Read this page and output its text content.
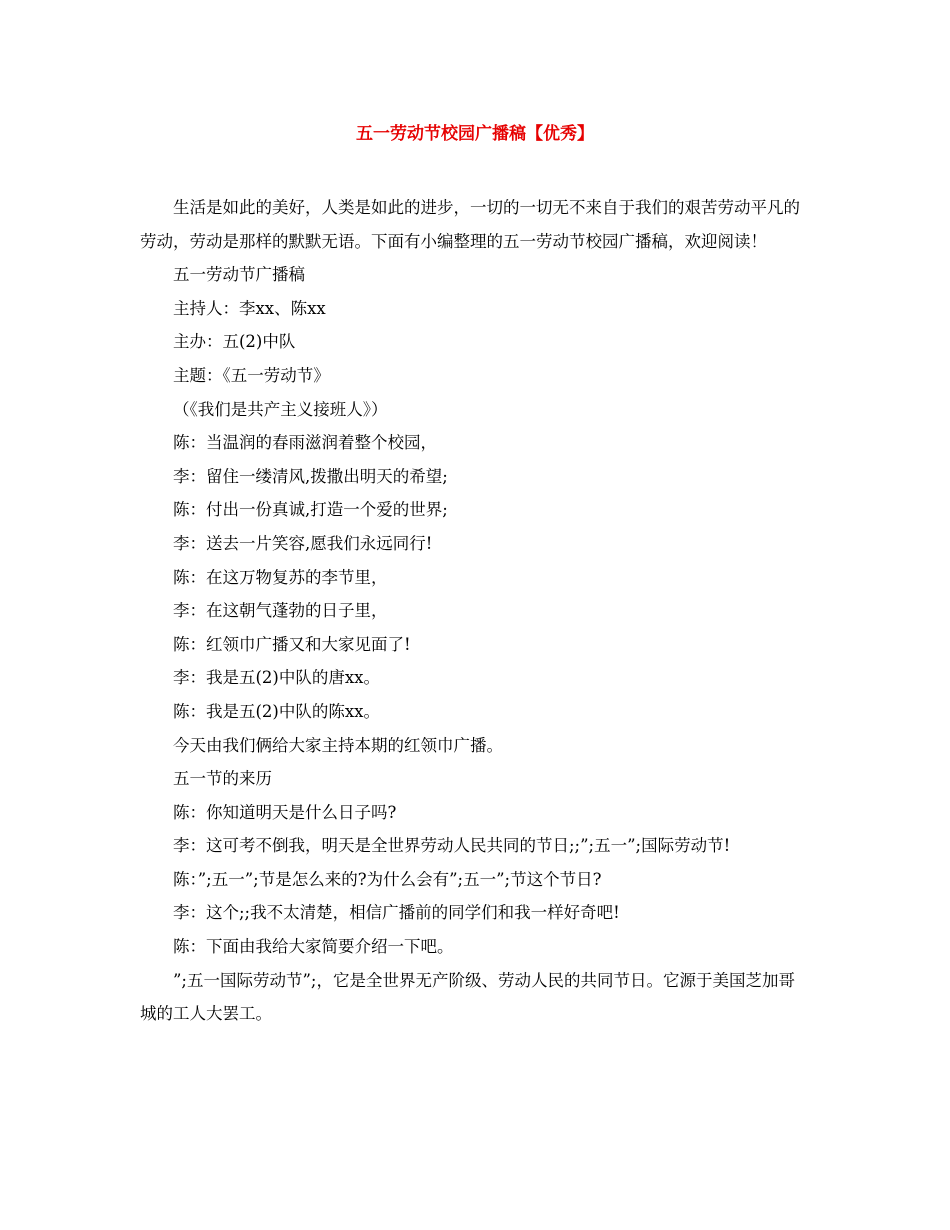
五一劳动节校园广播稿【优秀】

生活是如此的美好，人类是如此的进步，一切的一切无不来自于我们的艰苦劳动平凡的劳动，劳动是那样的默默无语。下面有小编整理的五一劳动节校园广播稿，欢迎阅读！

五一劳动节广播稿

主持人：李xx、陈xx

主办：五(2)中队

主题：《五一劳动节》

（《我们是共产主义接班人》）

陈：当温润的春雨滋润着整个校园，

李：留住一缕清风,拨撒出明天的希望;

陈：付出一份真诚,打造一个爱的世界;

李：送去一片笑容,愿我们永远同行!

陈：在这万物复苏的李节里，

李：在这朝气蓬勃的日子里，

陈：红领巾广播又和大家见面了!

李：我是五(2)中队的唐xx。

陈：我是五(2)中队的陈xx。

今天由我们俩给大家主持本期的红领巾广播。

五一节的来历

陈：你知道明天是什么日子吗?

李：这可考不倒我，明天是全世界劳动人民共同的节日;;”;五一”;国际劳动节!

陈：”;五一”;节是怎么来的?为什么会有”;五一”;节这个节日?

李：这个;;我不太清楚，相信广播前的同学们和我一样好奇吧!

陈：下面由我给大家简要介绍一下吧。

”;五一国际劳动节”;，它是全世界无产阶级、劳动人民的共同节日。它源于美国芝加哥城的工人大罢工。
